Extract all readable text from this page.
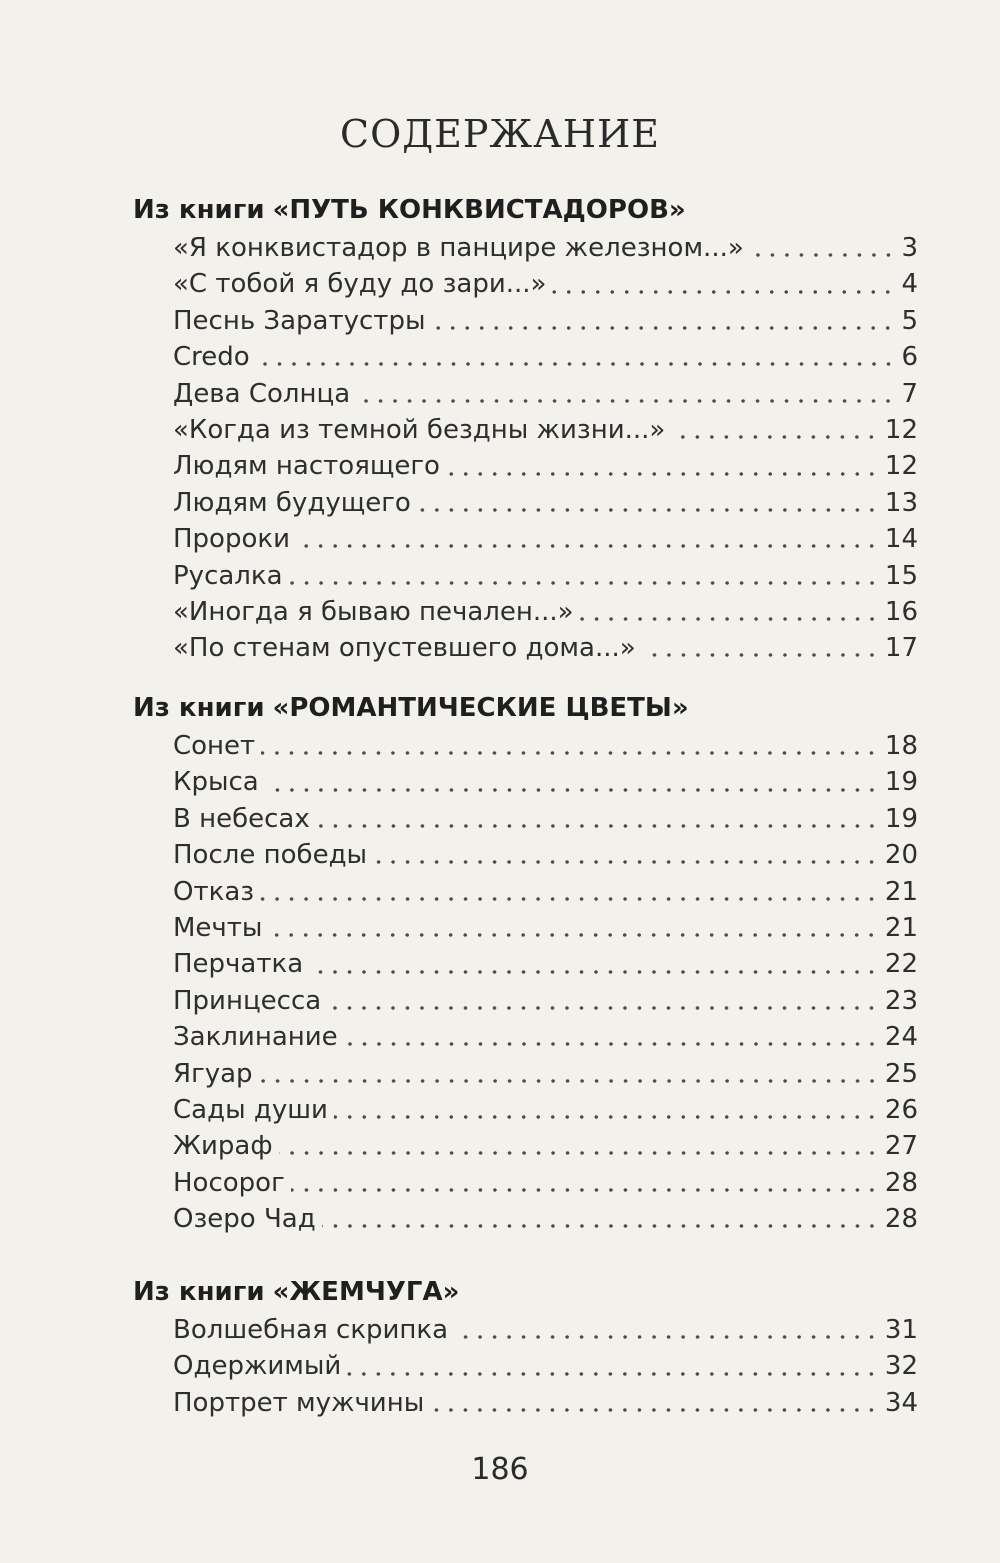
СОДЕРЖАНИЕ
Из книги «ПУТЬ КОНКВИСТАДОРОВ»
«Я конквистадор в панцире железном...»	3
«С тобой я буду до зари...»	4
Песнь Заратустры	5
Credo	6
Дева Солнца	7
«Когда из темной бездны жизни...»	12
Людям настоящего	12
Людям будущего	13
Пророки	14
Русалка	15
«Иногда я бываю печален...»	16
«По стенам опустевшего дома...»	17
Из книги «РОМАНТИЧЕСКИЕ ЦВЕТЫ»
Сонет	18
Крыса	19
В небесах	19
После победы	20
Отказ	21
Мечты	21
Перчатка	22
Принцесса	23
Заклинание	24
Ягуар	25
Сады души	26
Жираф	27
Носорог	28
Озеро Чад	28
Из книги «ЖЕМЧУГА»
Волшебная скрипка	31
Одержимый	32
Портрет мужчины	34
186
